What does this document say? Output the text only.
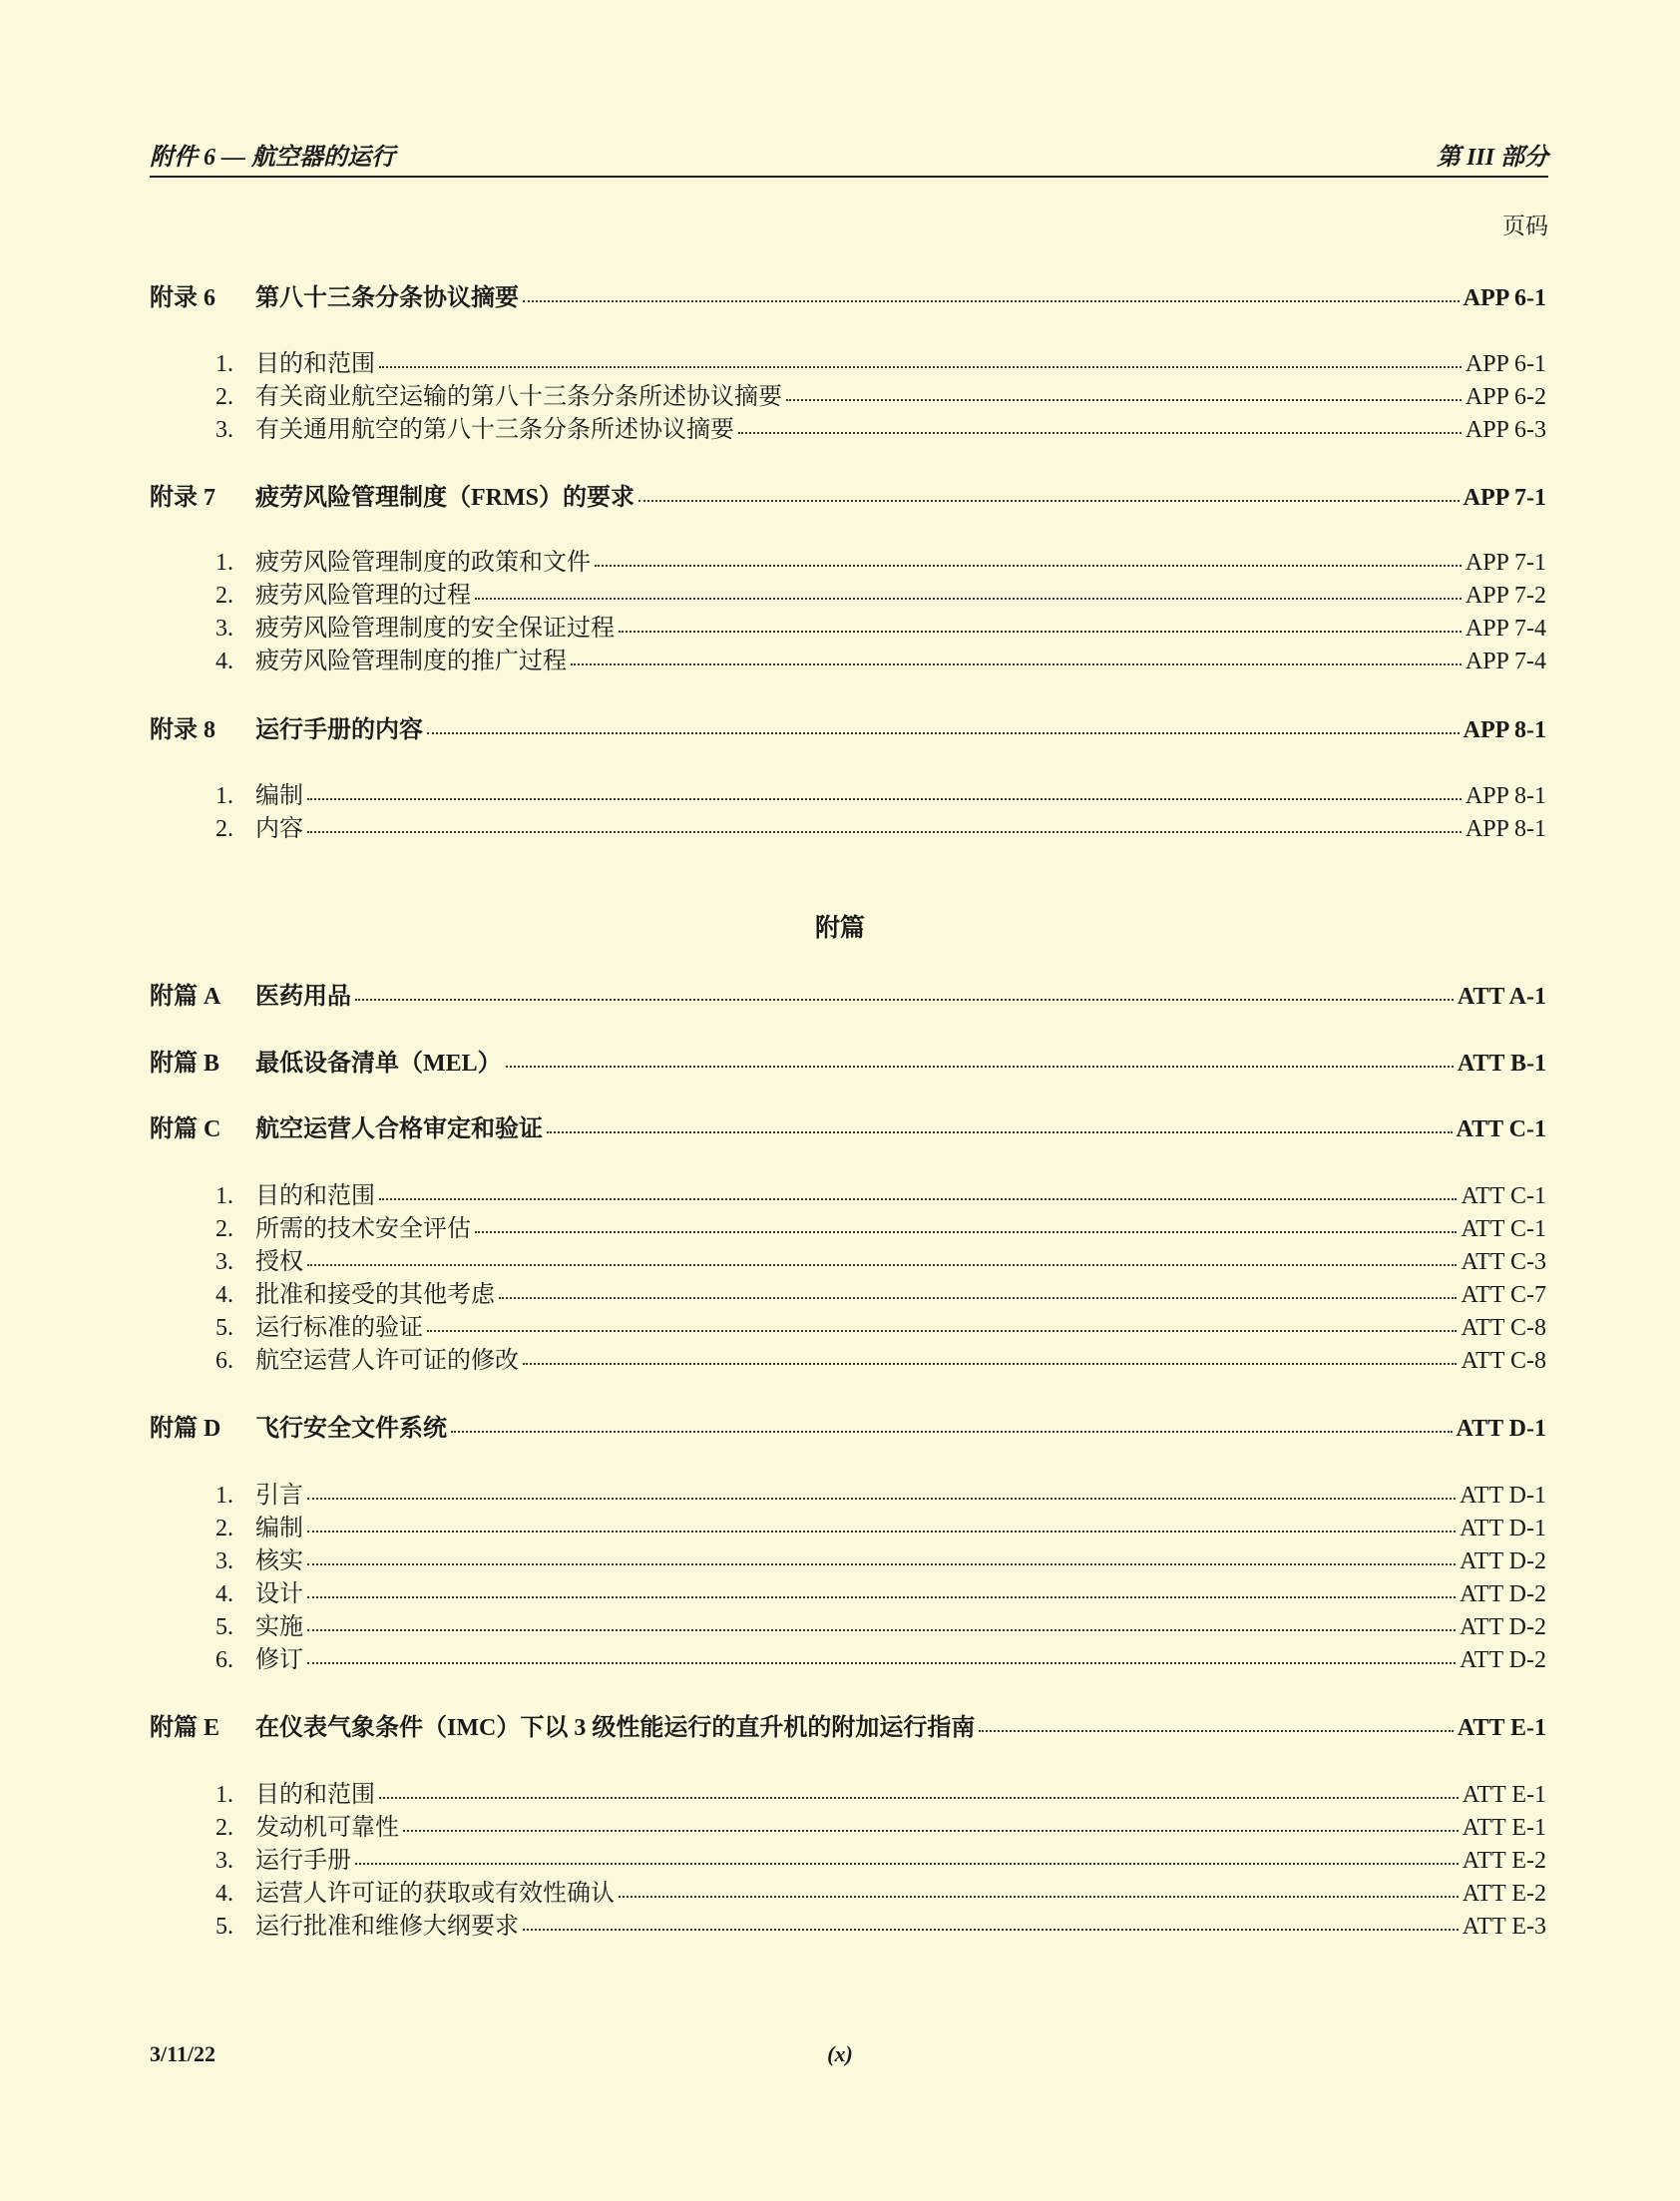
附件 6 — 航空器的运行	第 III 部分
页码
附录 6	第八十三条分条协议摘要	APP 6-1
1. 目的和范围	APP 6-1
2. 有关商业航空运输的第八十三条分条所述协议摘要	APP 6-2
3. 有关通用航空的第八十三条分条所述协议摘要	APP 6-3
附录 7	疲劳风险管理制度（FRMS）的要求	APP 7-1
1. 疲劳风险管理制度的政策和文件	APP 7-1
2. 疲劳风险管理的过程	APP 7-2
3. 疲劳风险管理制度的安全保证过程	APP 7-4
4. 疲劳风险管理制度的推广过程	APP 7-4
附录 8	运行手册的内容	APP 8-1
1. 编制	APP 8-1
2. 内容	APP 8-1
附篇
附篇 A	医药用品	ATT A-1
附篇 B	最低设备清单（MEL）	ATT B-1
附篇 C	航空运营人合格审定和验证	ATT C-1
1. 目的和范围	ATT C-1
2. 所需的技术安全评估	ATT C-1
3. 授权	ATT C-3
4. 批准和接受的其他考虑	ATT C-7
5. 运行标准的验证	ATT C-8
6. 航空运营人许可证的修改	ATT C-8
附篇 D	飞行安全文件系统	ATT D-1
1. 引言	ATT D-1
2. 编制	ATT D-1
3. 核实	ATT D-2
4. 设计	ATT D-2
5. 实施	ATT D-2
6. 修订	ATT D-2
附篇 E	在仪表气象条件（IMC）下以 3 级性能运行的直升机的附加运行指南	ATT E-1
1. 目的和范围	ATT E-1
2. 发动机可靠性	ATT E-1
3. 运行手册	ATT E-2
4. 运营人许可证的获取或有效性确认	ATT E-2
5. 运行批准和维修大纲要求	ATT E-3
3/11/22	(x)
